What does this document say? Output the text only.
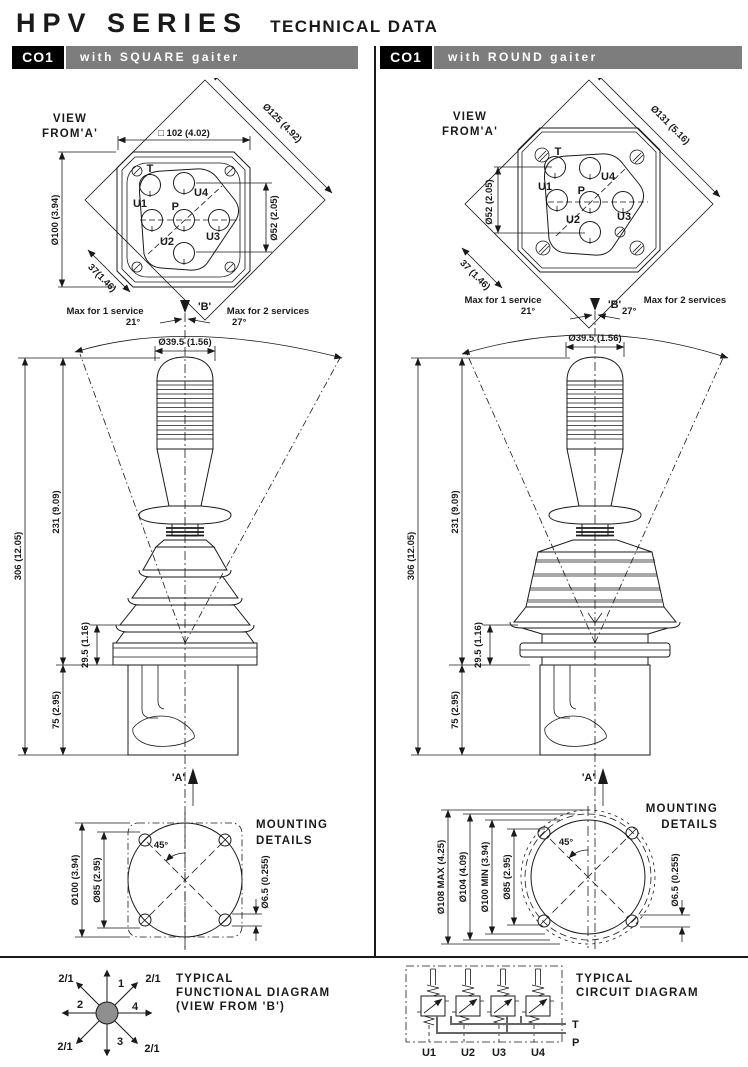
HPV SERIES TECHNICAL DATA
CO1	with SQUARE gaiter	CO1	with ROUND gaiter
VIEW
FROM'A'	Ø125 (4.92)
T
U4
U1 P
U3
U2
□ 102 (4.02)
Ø100 (3.94)	Ø52 (2.05)
37(1.46)
'B'
Max for 1 service
21°
Max for 2 services
27°
Ø39.5 (1.56)
306 (12.05)
231 (9.09)
29.5 (1.16)
75 (2.95)
'A'
45°
Ø100 (3.94) Ø85 (2.95)	Ø6.5 (0.255)
MOUNTING
DETAILS
VIEW
FROM'A'	Ø131 (5.16)
T
U4
U1 P
U3
U2
Ø52 (2.05)
37 (1.46)
'B'
Max for 1 service
21°
Max for 2 services
27°
Ø39.5 (1.56)
306 (12.05)
231 (9.09)
29.5 (1.16)
75 (2.95)
'A'
45°
Ø108 MAX (4.25) Ø104 (4.09) Ø100 MIN (3.94) Ø85 (2.95)	Ø6.5 (0.255)
MOUNTING
DETAILS
1
2/1	2/1
2	4
2/1	3
2/1
TYPICAL
FUNCTIONAL DIAGRAM
(VIEW FROM 'B')
T
P
U1 U2 U3 U4
TYPICAL
CIRCUIT DIAGRAM
